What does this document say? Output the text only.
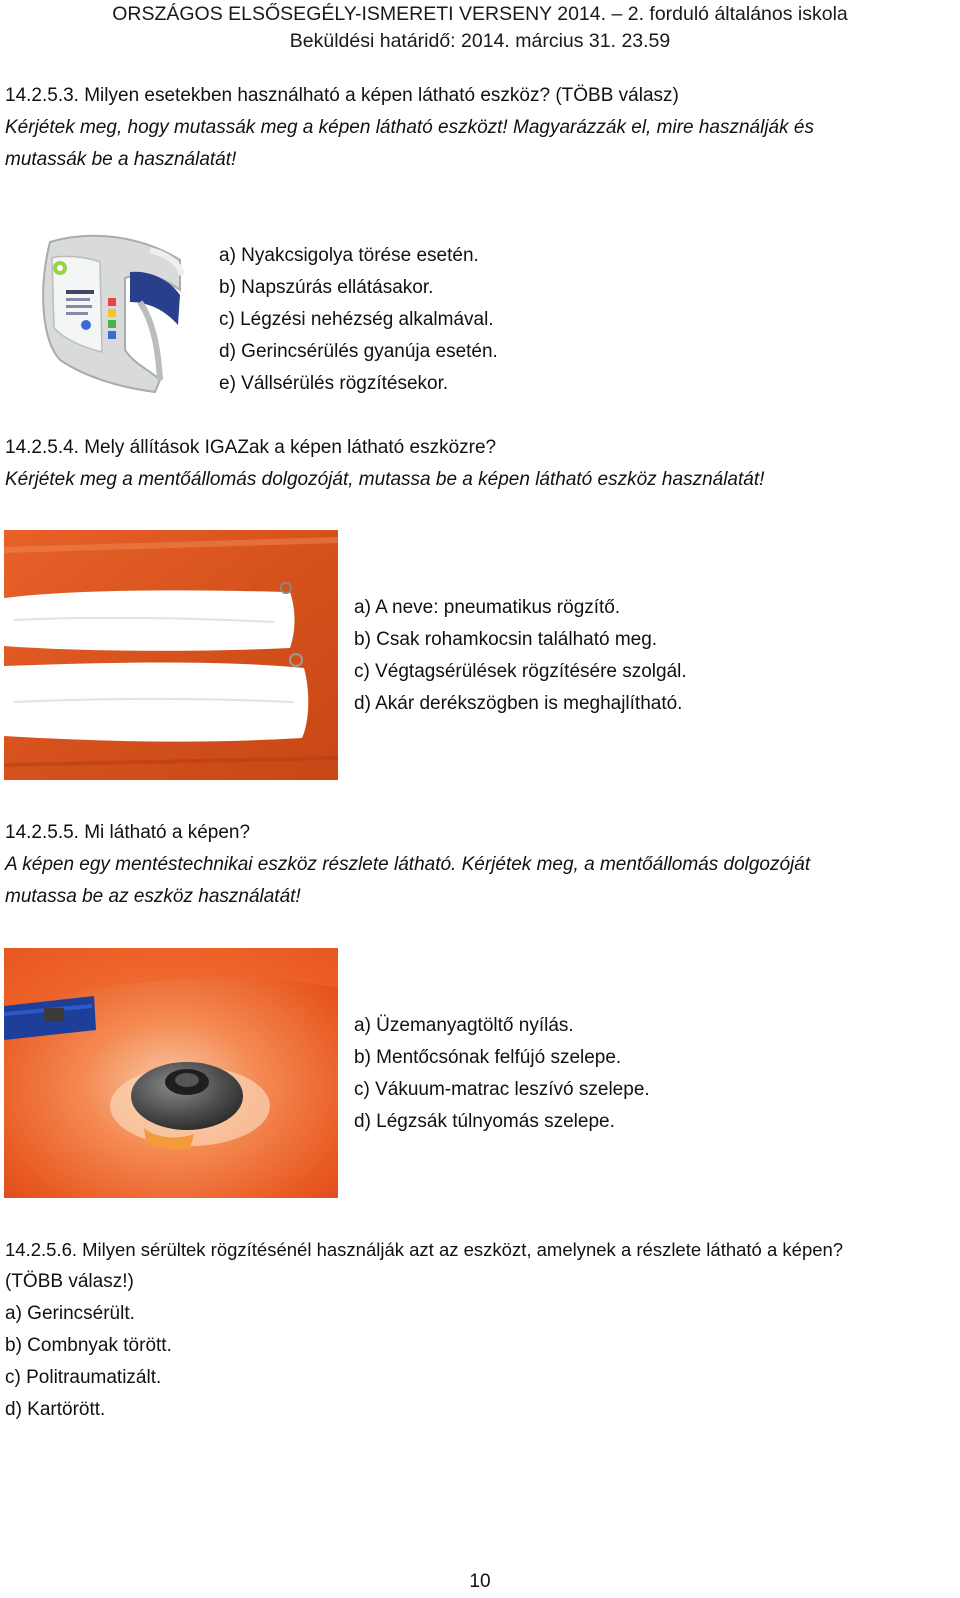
ORSZÁGOS ELSŐSEGÉLY-ISMERETI VERSENY 2014. – 2. forduló általános iskola
Beküldési határidő: 2014. március 31. 23.59
14.2.5.3. Milyen esetekben használható a képen látható eszköz? (TÖBB válasz)
Kérjétek meg, hogy mutassák meg a képen látható eszközt! Magyarázzák el, mire használják és
mutassák be a használatát!
a) Nyakcsigolya törése esetén.
b) Napszúrás ellátásakor.
c) Légzési nehézség alkalmával.
d) Gerincsérülés gyanúja esetén.
e) Vállsérülés rögzítésekor.
14.2.5.4. Mely állítások IGAZak a képen látható eszközre?
Kérjétek meg a mentőállomás dolgozóját, mutassa be a képen látható eszköz használatát!
a) A neve: pneumatikus rögzítő.
b) Csak rohamkocsin található meg.
c) Végtagsérülések rögzítésére szolgál.
d) Akár derékszögben is meghajlítható.
14.2.5.5. Mi látható a képen?
A képen egy mentéstechnikai eszköz részlete látható. Kérjétek meg, a mentőállomás dolgozóját
mutassa be az eszköz használatát!
a) Üzemanyagtöltő nyílás.
b) Mentőcsónak felfújó szelepe.
c) Vákuum-matrac leszívó szelepe.
d) Légzsák túlnyomás szelepe.
14.2.5.6. Milyen sérültek rögzítésénél használják azt az eszközt, amelynek a részlete látható a képen?
(TÖBB válasz!)
a) Gerincsérült.
b) Combnyak törött.
c) Politraumatizált.
d) Kartörött.
10
